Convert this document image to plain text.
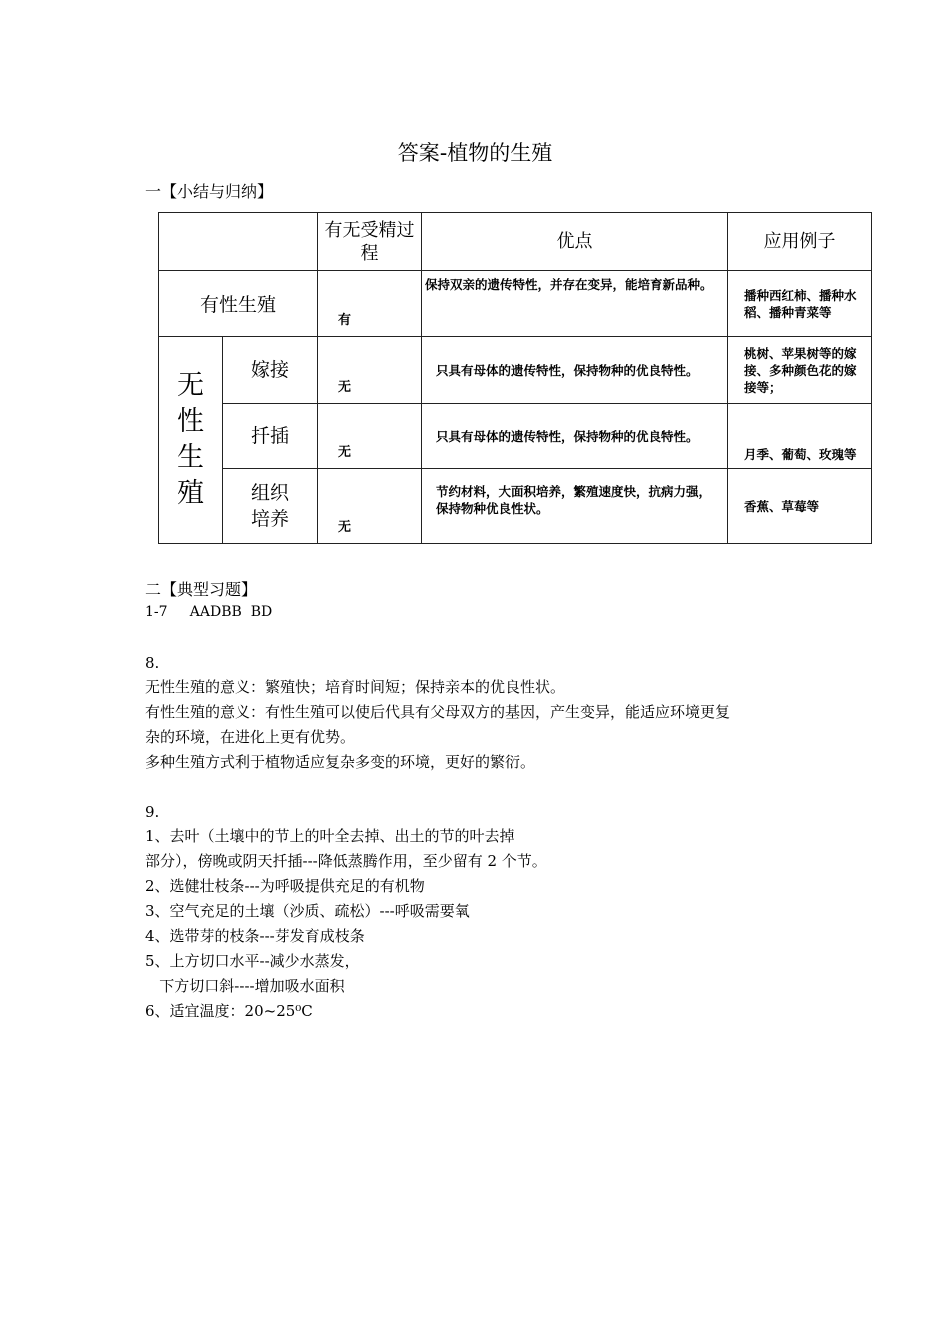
答案-植物的生殖
一【小结与归纳】
		有无受精过程	优点	应用例子
有性生殖		有	保持双亲的遗传特性，并存在变异，能培育新品种。	播种西红柿、播种水稻、播种青菜等
无性生殖	嫁接	无	只具有母体的遗传特性，保持物种的优良特性。	桃树、苹果树等的嫁接、多种颜色花的嫁接等；
	扦插	无	只具有母体的遗传特性，保持物种的优良特性。	月季、葡萄、玫瑰等
	组织培养	无	节约材料，大面积培养，繁殖速度快，抗病力强，保持物种优良性状。	香蕉、草莓等
二【典型习题】
1-7     AADBB  BD
8.
无性生殖的意义：繁殖快；培育时间短；保持亲本的优良性状。
有性生殖的意义：有性生殖可以使后代具有父母双方的基因，产生变异，能适应环境更复
杂的环境，在进化上更有优势。
多种生殖方式利于植物适应复杂多变的环境，更好的繁衍。
9.
1、去叶（土壤中的节上的叶全去掉、出土的节的叶去掉
部分），傍晚或阴天扦插---降低蒸腾作用，至少留有 2 个节。
2、选健壮枝条---为呼吸提供充足的有机物
3、空气充足的土壤（沙质、疏松）---呼吸需要氧
4、选带芽的枝条---芽发育成枝条
5、上方切口水平--减少水蒸发，
下方切口斜----增加吸水面积
6、适宜温度：20~25⁰C
